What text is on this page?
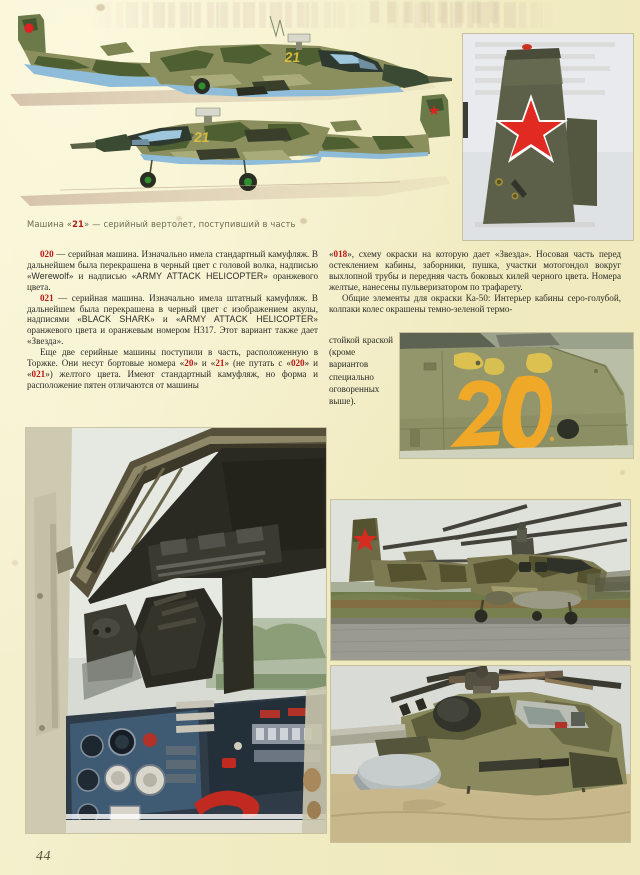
21
21
Машина «21» — серийный вертолет, поступивший в часть

020 — серийная машина. Изначально имела стандартный камуфляж. В дальнейшем была перекрашена в черный цвет с головой волка, надписью «Werewolf» и надписью «ARMY ATTACK HELICOPTER» оранжевого цвета.

021 — серийная машина. Изначально имела штатный камуфляж. В дальнейшем была перекрашена в черный цвет с изображением акулы, надписями «BLACK SHARK» и «ARMY ATTACK HELICOPTER» оранжевого цвета и оранжевым номером Н317. Этот вариант также дает «Звезда».

Еще две серийные машины поступили в часть, расположенную в Торжке. Они несут бортовые номера «20» и «21» (не путать с «020» и «021») желтого цвета. Имеют стандартный камуфляж, но форма и расположение пятен отличаются от машины

«018», схему окраски на которую дает «Звезда». Носовая часть перед остеклением кабины, заборники, пушка, участки мотогондол вокруг выхлопной трубы и передняя часть боковых килей черного цвета. Номера желтые, нанесены пульверизатором по трафарету.

Общие элементы для окраски Ка-50: Интерьер кабины серо-голубой, колпаки колес окрашены темно-зеленой термо-

стойкой краской (кроме вариантов специально оговоренных выше).

44
